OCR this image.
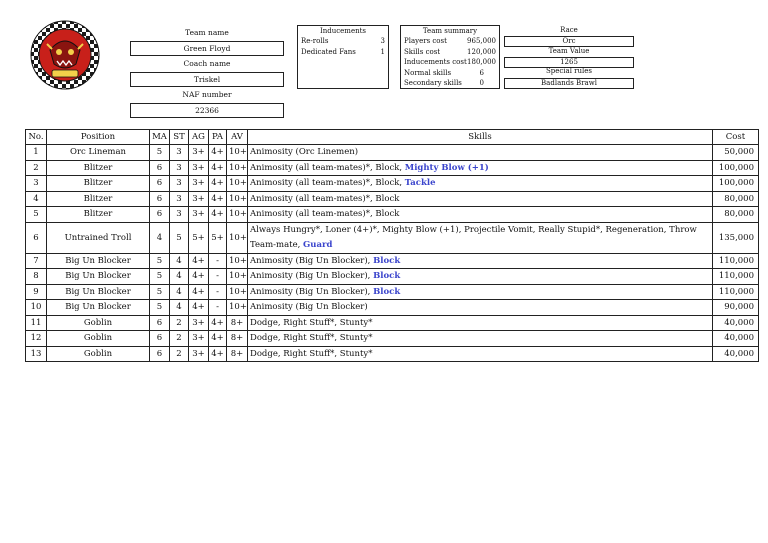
Team name
Green Floyd
Coach name
Triskel
NAF number
22366
Inducements
Re-rolls	3
Dedicated Fans	1
Team summary
Players cost	965,000
Skills cost	120,000
Inducements cost 180,000
Normal skills	6
Secondary skills	0
Race
Orc
Team Value
1265
Special rules
Badlands Brawl
No.	Position	MA	ST	AG	PA	AV	Skills	Cost
1	Orc Lineman	5	3	3+	4+	10+	Animosity (Orc Linemen)	50,000
2	Blitzer	6	3	3+	4+	10+	Animosity (all team-mates)*, Block, Mighty Blow (+1)	100,000
3	Blitzer	6	3	3+	4+	10+	Animosity (all team-mates)*, Block, Tackle	100,000
4	Blitzer	6	3	3+	4+	10+	Animosity (all team-mates)*, Block	80,000
5	Blitzer	6	3	3+	4+	10+	Animosity (all team-mates)*, Block	80,000
6	Untrained Troll	4	5	5+	5+	10+	Always Hungry*, Loner (4+)*, Mighty Blow (+1), Projectile Vomit, Really Stupid*, Regeneration, Throw Team-mate, Guard	135,000
7	Big Un Blocker	5	4	4+	-	10+	Animosity (Big Un Blocker), Block	110,000
8	Big Un Blocker	5	4	4+	-	10+	Animosity (Big Un Blocker), Block	110,000
9	Big Un Blocker	5	4	4+	-	10+	Animosity (Big Un Blocker), Block	110,000
10	Big Un Blocker	5	4	4+	-	10+	Animosity (Big Un Blocker)	90,000
11	Goblin	6	2	3+	4+	8+	Dodge, Right Stuff*, Stunty*	40,000
12	Goblin	6	2	3+	4+	8+	Dodge, Right Stuff*, Stunty*	40,000
13	Goblin	6	2	3+	4+	8+	Dodge, Right Stuff*, Stunty*	40,000
